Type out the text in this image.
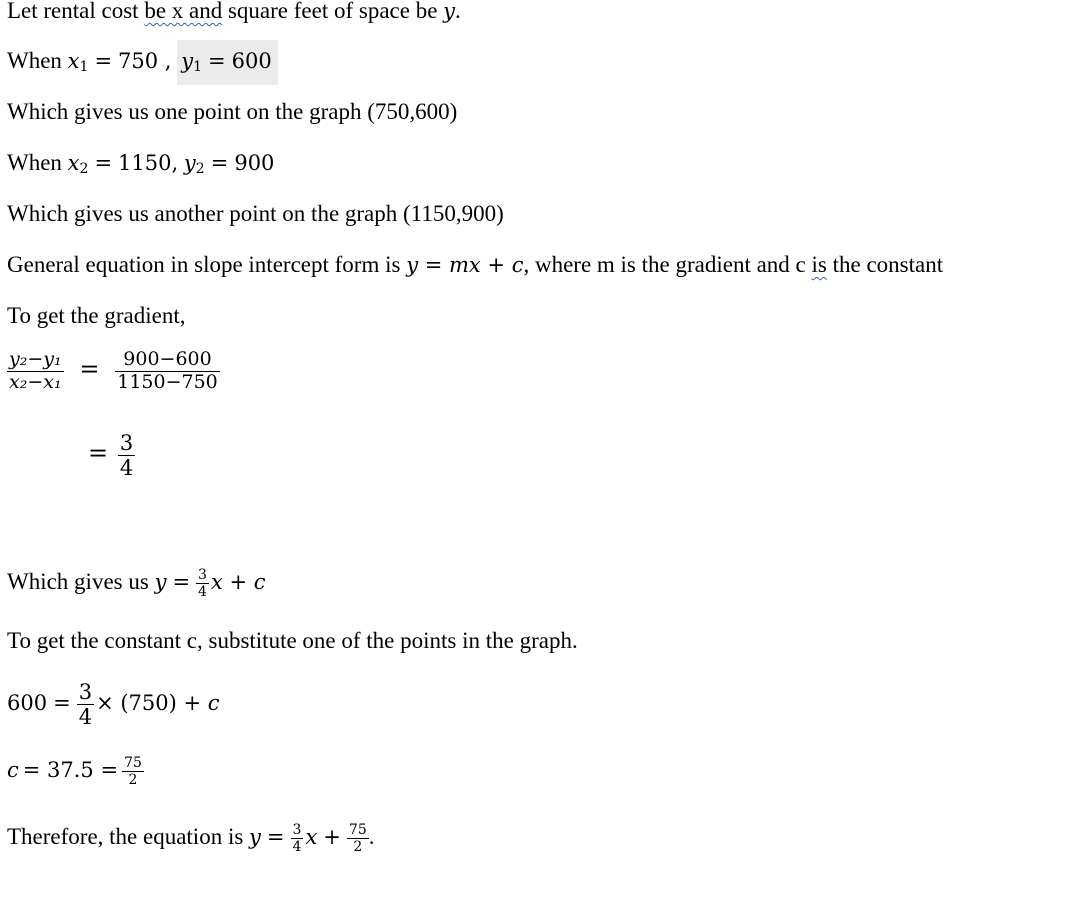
Let rental cost be x and square feet of space be y.
When $x_1 = 750$ , $y_1 = 600$
Which gives us one point on the graph (750,600)
When $x_2 = 1150$, $y_2 = 900$
Which gives us another point on the graph (1150,900)
General equation in slope intercept form is y = mx + c, where m is the gradient and c is the constant
To get the gradient,
$\frac{\text{y₂−y₁}}{\text{x₂−x₁}} = \frac{900-600}{1150-750}$
= $\frac{3}{4}$
Which gives us $y = \frac{3}{4}$ x + c
To get the constant c, substitute one of the points in the graph.
$600 = \frac{3}{4} \times (750) + c$
$c = 37.5 = \frac{75}{2}$
Therefore, the equation is $y = \frac{3}{4}$ $x + \frac{75}{2}$ .
